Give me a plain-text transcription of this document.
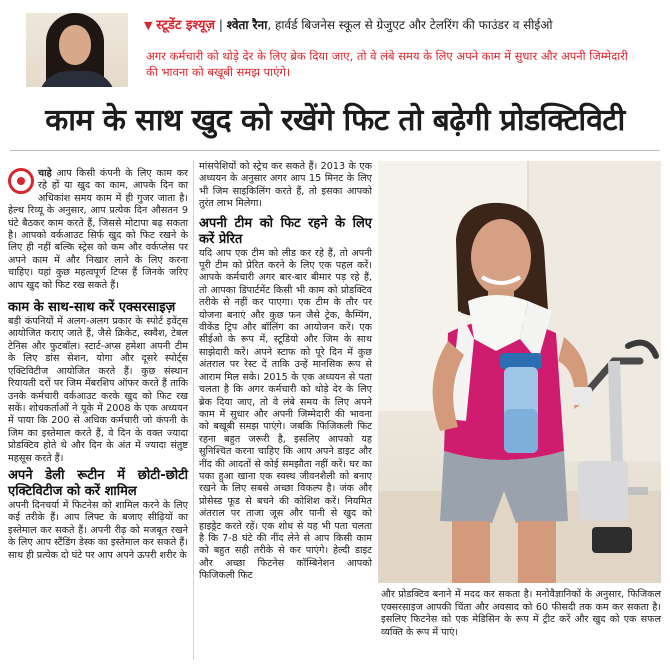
▼ स्टूडेंट इश्यूज़ | श्वेता रैना, हार्वर्ड बिजनेस स्कूल से ग्रेजुएट और टेलरिंग की फाउंडर व सीईओ
अगर कर्मचारी को थोड़े देर के लिए ब्रेक दिया जाए, तो वे लंबे समय के लिए अपने काम में सुधार और अपनी जिम्मेदारी की भावना को बखूबी समझ पाएंगे।
काम के साथ खुद को रखेंगे फिट तो बढ़ेगी प्रोडक्टिविटी

चाहे आप किसी कंपनी के लिए काम कर रहे हों या खुद का काम, आपके दिन का अधिकांश समय काम में ही गुजर जाता है। हेल्थ रिव्यू के अनुसार, आप प्रत्येक दिन औसतन 9 घंटे बैठकर काम करते हैं, जिससे मोटापा बढ़ सकता है। आपको वर्कआउट सिर्फ खुद को फिट रखने के लिए ही नहीं बल्कि स्ट्रेस को कम और वर्कप्लेस पर अपने काम में और निखार लाने के लिए करना चाहिए। यहां कुछ महत्वपूर्ण टिप्स हैं जिनके जरिए आप खुद को फिट रख सकते हैं।

काम के साथ-साथ करें एक्सरसाइज़

बड़ी कंपनियों में अलग-अलग प्रकार के स्पोर्ट इवेंट्स आयोजित कराए जाते हैं, जैसे क्रिकेट, स्क्वैश, टेबल टेनिस और फुटबॉल। स्टार्ट-अप्स हमेशा अपनी टीम के लिए डांस सेशन, योगा और दूसरे स्पोर्ट्स एक्टिविटीज आयोजित करते हैं। कुछ संस्थान रियायती दरों पर जिम मेंबरशिप ऑफर करते हैं ताकि उनके कर्मचारी वर्कआउट करके खुद को फिट रख सकें। शोधकर्ताओं ने यूके में 2008 के एक अध्ययन में पाया कि 200 से अधिक कर्मचारी जो कंपनी के जिम का इस्तेमाल करते हैं, वे दिन के वक्त ज्यादा प्रोडक्टिव होते थे और दिन के अंत में ज्यादा संतुष्ट महसूस करते हैं।

अपने डेली रूटीन में छोटी-छोटी एक्टिविटीज को करें शामिल

अपनी दिनचर्या में फिटनेस को शामिल करने के लिए कई तरीके हैं। आप लिफ्ट के बजाए सीढ़ियों का इस्तेमाल कर सकते हैं। अपनी रीढ़ को मजबूत रखने के लिए आप स्टैंडिंग डेस्क का इस्तेमाल कर सकते हैं। साथ ही प्रत्येक दो घंटे पर आप अपने ऊपरी शरीर के

मांसपेशियों को स्ट्रेच कर सकते हैं। 2013 के एक अध्ययन के अनुसार अगर आप 15 मिनट के लिए भी जिम साइकिलिंग करते हैं, तो इसका आपको तुरंत लाभ मिलेगा।

अपनी टीम को फिट रहने के लिए करें प्रेरित

यदि आप एक टीम को लीड कर रहे हैं, तो अपनी पूरी टीम को प्रेरित करने के लिए एक पहल करें। आपके कर्मचारी अगर बार-बार बीमार पड़ रहे हैं, तो आपका डिपार्टमेंट किसी भी काम को प्रोडक्टिव तरीके से नहीं कर पाएगा। एक टीम के तौर पर योजना बनाएं और कुछ फन जैसे ट्रेक, कैम्पिंग, वीकेंड ट्रिप और बॉलिंग का आयोजन करें। एक सीईओ के रूप में, स्टूडियो और जिम के साथ साझेदारी करें। अपने स्टाफ को पूरे दिन में कुछ अंतराल पर रेस्ट दें ताकि उन्हें मानसिक रूप से आराम मिल सके। 2015 के एक अध्ययन से पता चलता है कि अगर कर्मचारी को थोड़े देर के लिए ब्रेक दिया जाए, तो वे लंबे समय के लिए अपने काम में सुधार और अपनी जिम्मेदारी की भावना को बखूबी समझ पाएंगे। जबकि फिजिकली फिट रहना बहुत जरूरी है, इसलिए आपको यह सुनिश्चित करना चाहिए कि आप अपने डाइट और नींद की आदतों से कोई समझौता नहीं करें। घर का पका हुआ खाना एक स्वस्थ जीवनशैली को बनाए रखने के लिए सबसे अच्छा विकल्प है। जंक और प्रोसेस्ड फूड से बचने की कोशिश करें। नियमित अंतराल पर ताजा जूस और पानी से खुद को हाइड्रेट करते रहें। एक शोध से यह भी पता चलता है कि 7-8 घंटे की नींद लेने से आप किसी काम को बहुत सही तरीके से कर पाएंगे। हेल्दी डाइट और अच्छा फिटनेस कॉम्बिनेशन आपको फिजिकली फिट

और प्रोडक्टिव बनाने में मदद कर सकता है। मनोवैज्ञानिकों के अनुसार, फिजिकल एक्सरसाइज आपकी चिंता और अवसाद को 60 फीसदी तक कम कर सकता है। इसलिए फिटनेस को एक मेडिसिन के रूप में ट्रीट करें और खुद को एक सफल व्यक्ति के रूप में पाएं।
